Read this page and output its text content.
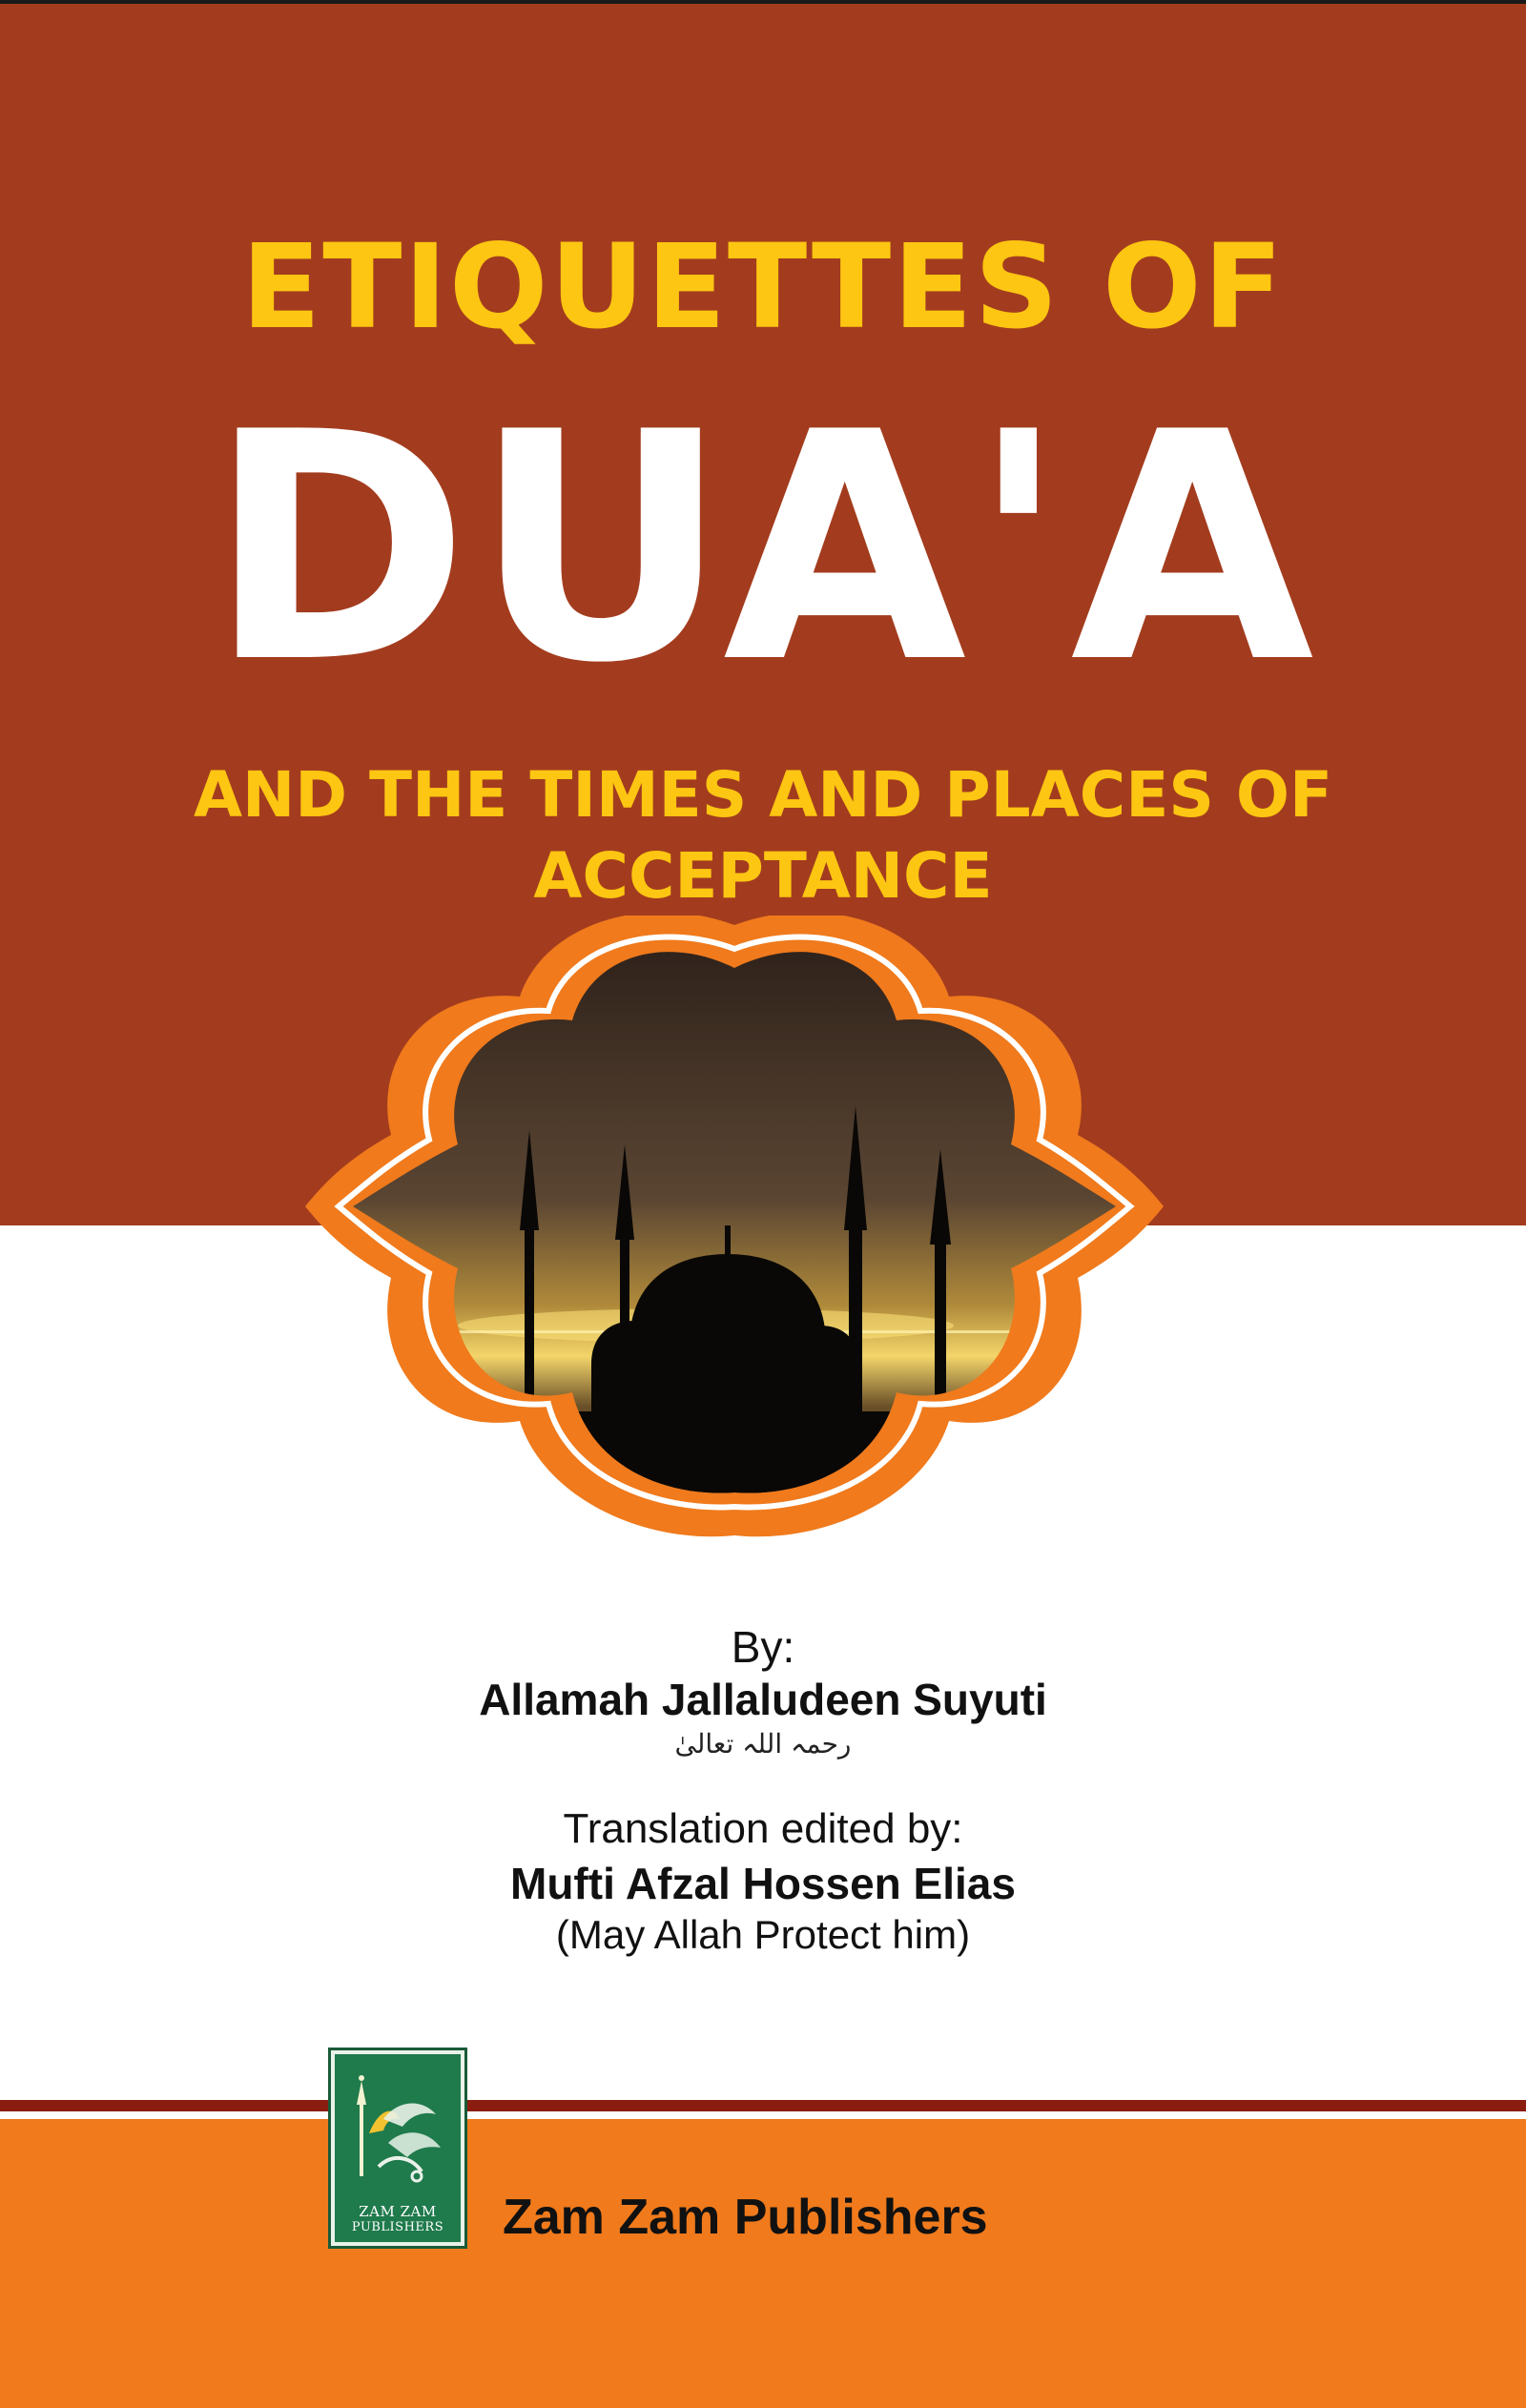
ETIQUETTES OF
DUA'A
AND THE TIMES AND PLACES OF
ACCEPTANCE

By:

Allamah Jallaludeen Suyuti

رحمہ اللہ تعالیٰ

Translation edited by:

Mufti Afzal Hossen Elias

(May Allah Protect him)

ZAM ZAM
PUBLISHERS	Zam Zam Publishers
